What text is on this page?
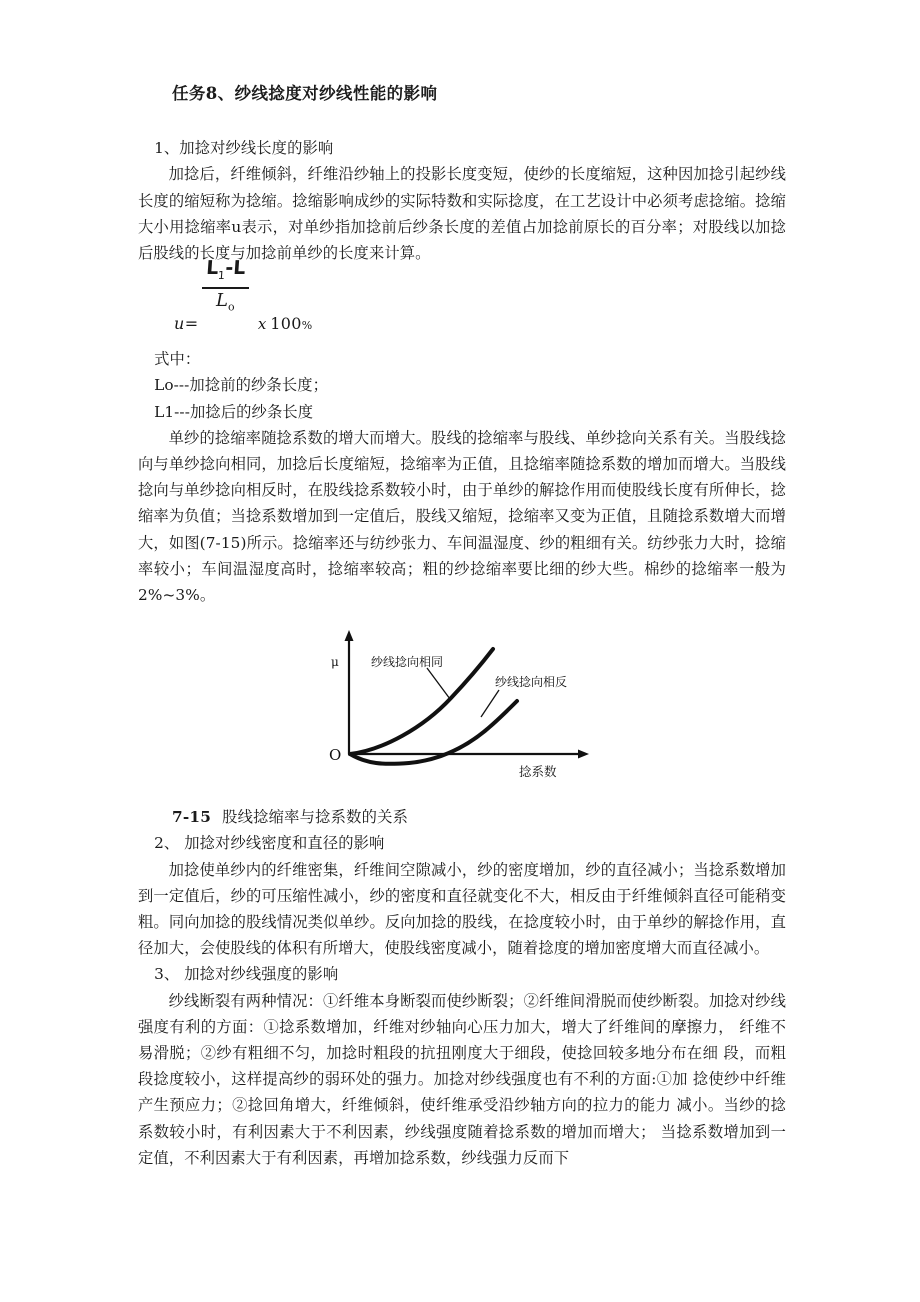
任务8、纱线捻度对纱线性能的影响

1、加捻对纱线长度的影响

加捻后，纤维倾斜，纤维沿纱轴上的投影长度变短，使纱的长度缩短，这种因加捻引起纱线长度的缩短称为捻缩。捻缩影响成纱的实际特数和实际捻度，在工艺设计中必须考虑捻缩。捻缩大小用捻缩率u表示，对单纱指加捻前后纱条长度的差值占加捻前原长的百分率；对股线以加捻后股线的长度与加捻前单纱的长度来计算。

u=
$\frac{L_1-L}{L_o}$
x 100%

式中：

Lo---加捻前的纱条长度；

L1---加捻后的纱条长度

单纱的捻缩率随捻系数的增大而增大。股线的捻缩率与股线、单纱捻向关系有关。当股线捻向与单纱捻向相同，加捻后长度缩短，捻缩率为正值，且捻缩率随捻系数的增加而增大。当股线捻向与单纱捻向相反时，在股线捻系数较小时，由于单纱的解捻作用而使股线长度有所伸长，捻缩率为负值；当捻系数增加到一定值后，股线又缩短，捻缩率又变为正值，且随捻系数增大而增大，如图(7-15)所示。捻缩率还与纺纱张力、车间温湿度、纱的粗细有关。纺纱张力大时，捻缩率较小；车间温湿度高时，捻缩率较高；粗的纱捻缩率要比细的纱大些。棉纱的捻缩率一般为2%~3%。

μ
O
捻系数
纱线捻向相同
纱线捻向相反

7-15 股线捻缩率与捻系数的关系

2、 加捻对纱线密度和直径的影响

加捻使单纱内的纤维密集，纤维间空隙减小，纱的密度增加，纱的直径减小；当捻系数增加到一定值后，纱的可压缩性减小，纱的密度和直径就变化不大，相反由于纤维倾斜直径可能稍变粗。同向加捻的股线情况类似单纱。反向加捻的股线，在捻度较小时，由于单纱的解捻作用，直径加大，会使股线的体积有所增大，使股线密度减小，随着捻度的增加密度增大而直径减小。

3、 加捻对纱线强度的影响

纱线断裂有两种情况：①纤维本身断裂而使纱断裂；②纤维间滑脱而使纱断裂。加捻对纱线强度有利的方面：①捻系数增加，纤维对纱轴向心压力加大，增大了纤维间的摩擦力， 纤维不易滑脱；②纱有粗细不匀，加捻时粗段的抗扭刚度大于细段，使捻回较多地分布在细 段，而粗段捻度较小，这样提高纱的弱环处的强力。加捻对纱线强度也有不利的方面:①加 捻使纱中纤维产生预应力；②捻回角增大，纤维倾斜，使纤维承受沿纱轴方向的拉力的能力 减小。当纱的捻系数较小时，有利因素大于不利因素，纱线强度随着捻系数的增加而增大； 当捻系数增加到一定值，不利因素大于有利因素，再增加捻系数，纱线强力反而下
